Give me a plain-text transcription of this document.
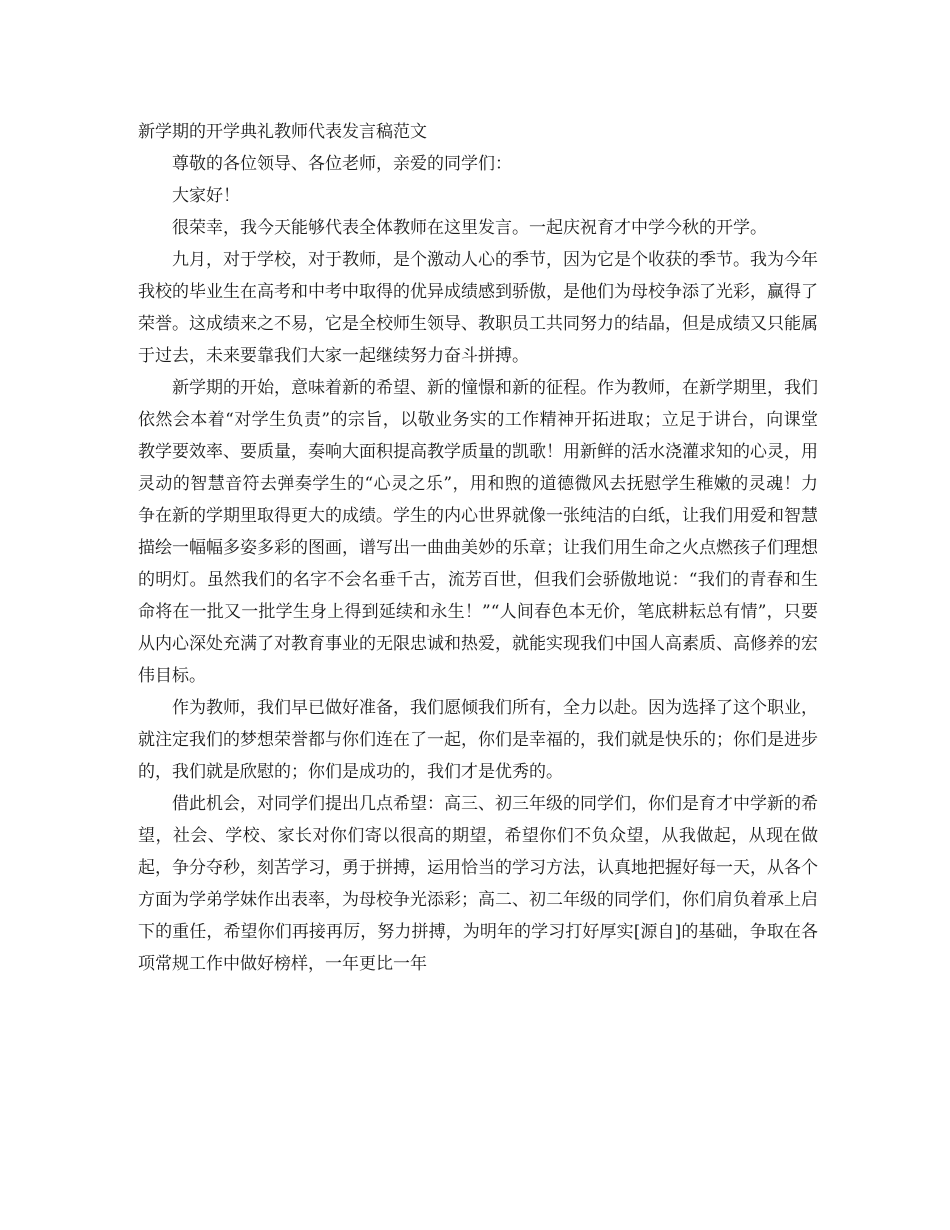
新学期的开学典礼教师代表发言稿范文

尊敬的各位领导、各位老师，亲爱的同学们：

大家好！

很荣幸，我今天能够代表全体教师在这里发言。一起庆祝育才中学今秋的开学。

九月，对于学校，对于教师，是个激动人心的季节，因为它是个收获的季节。我为今年我校的毕业生在高考和中考中取得的优异成绩感到骄傲，是他们为母校争添了光彩，赢得了荣誉。这成绩来之不易，它是全校师生领导、教职员工共同努力的结晶，但是成绩又只能属于过去，未来要靠我们大家一起继续努力奋斗拼搏。

新学期的开始，意味着新的希望、新的憧憬和新的征程。作为教师，在新学期里，我们依然会本着“对学生负责”的宗旨，以敬业务实的工作精神开拓进取；立足于讲台，向课堂教学要效率、要质量，奏响大面积提高教学质量的凯歌！用新鲜的活水浇灌求知的心灵，用灵动的智慧音符去弹奏学生的“心灵之乐”，用和煦的道德微风去抚慰学生稚嫩的灵魂！力争在新的学期里取得更大的成绩。学生的内心世界就像一张纯洁的白纸，让我们用爱和智慧描绘一幅幅多姿多彩的图画，谱写出一曲曲美妙的乐章；让我们用生命之火点燃孩子们理想的明灯。虽然我们的名字不会名垂千古，流芳百世，但我们会骄傲地说：“我们的青春和生命将在一批又一批学生身上得到延续和永生！”“人间春色本无价，笔底耕耘总有情”，只要从内心深处充满了对教育事业的无限忠诚和热爱，就能实现我们中国人高素质、高修养的宏伟目标。

作为教师，我们早已做好准备，我们愿倾我们所有，全力以赴。因为选择了这个职业，就注定我们的梦想荣誉都与你们连在了一起，你们是幸福的，我们就是快乐的；你们是进步的，我们就是欣慰的；你们是成功的，我们才是优秀的。

借此机会，对同学们提出几点希望：高三、初三年级的同学们，你们是育才中学新的希望，社会、学校、家长对你们寄以很高的期望，希望你们不负众望，从我做起，从现在做起，争分夺秒，刻苦学习，勇于拼搏，运用恰当的学习方法，认真地把握好每一天，从各个方面为学弟学妹作出表率，为母校争光添彩；高二、初二年级的同学们，你们肩负着承上启下的重任，希望你们再接再厉，努力拼搏，为明年的学习打好厚实[源自]的基础，争取在各项常规工作中做好榜样，一年更比一年
